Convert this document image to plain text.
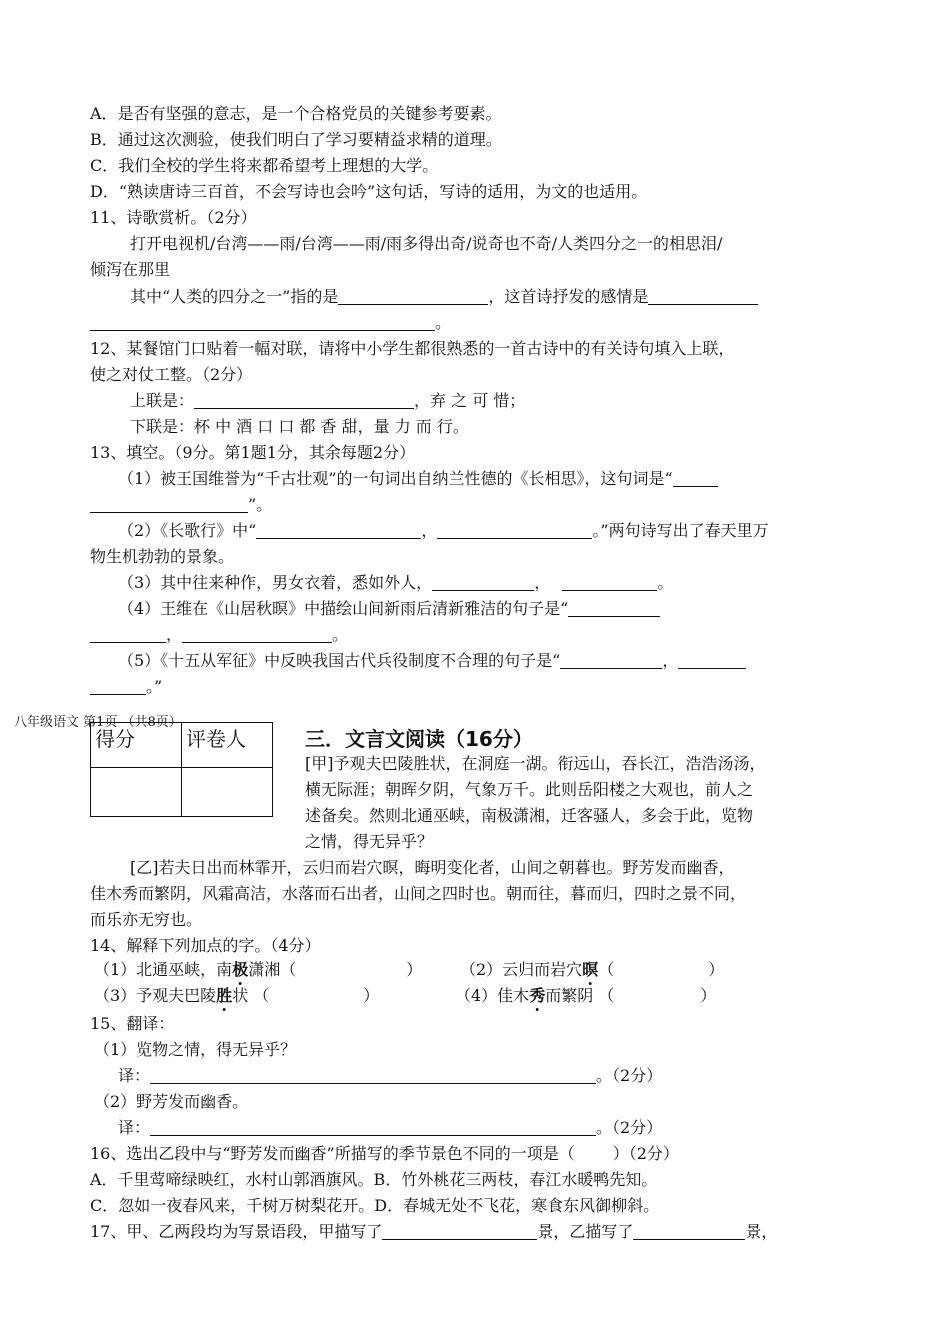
A．是否有坚强的意志，是一个合格党员的关键参考要素。
B．通过这次测验，使我们明白了学习要精益求精的道理。
C．我们全校的学生将来都希望考上理想的大学。
D．“熟读唐诗三百首，不会写诗也会吟”这句话，写诗的适用，为文的也适用。
11、诗歌赏析。（2分）
打开电视机/台湾——雨/台湾——雨/雨多得出奇/说奇也不奇/人类四分之一的相思泪/
倾泻在那里
其中“人类的四分之一”指的是	，这首诗抒发的感情是
。
12、某餐馆门口贴着一幅对联，请将中小学生都很熟悉的一首古诗中的有关诗句填入上联，
使之对仗工整。（2分）
上联是：	，弃 之 可 惜；
下联是：杯 中 酒 口 口 都 香 甜，量 力 而 行。
13、填空。（9分。第1题1分，其余每题2分）
（1）被王国维誉为“千古壮观”的一句词出自纳兰性德的《长相思》，这句词是“
”。
（2）《长歌行》中“	，	。”两句诗写出了春天里万
物生机勃勃的景象。
（3）其中往来种作，男女衣着，悉如外人，	，	。
（4）王维在《山居秋暝》中描绘山间新雨后清新雅洁的句子是“
，	。
（5）《十五从军征》中反映我国古代兵役制度不合理的句子是“	，
。”
八年级语文 第1页 （共8页）
得分	评卷人
		三．文言文阅读（16分）
[甲]予观夫巴陵胜状，在洞庭一湖。衔远山，吞长江，浩浩汤汤，
横无际涯；朝晖夕阴，气象万千。此则岳阳楼之大观也，前人之
述备矣。然则北通巫峡，南极潇湘，迁客骚人，多会于此，览物
之情，得无异乎？
[乙]若夫日出而林霏开，云归而岩穴暝，晦明变化者，山间之朝暮也。野芳发而幽香，
佳木秀而繁阴，风霜高洁，水落而石出者，山间之四时也。朝而往，暮而归，四时之景不同，
而乐亦无穷也。
14、解释下列加点的字。（4分）
（1）北通巫峡，南极潇湘（	） （2）云归而岩穴暝（	）
（3）予观夫巴陵胜状 （	）	（4）佳木秀而繁阴 （	）
15、翻译：
（1）览物之情，得无异乎？
译：	。（2分）
（2）野芳发而幽香。
译：	。（2分）
16、选出乙段中与“野芳发而幽香”所描写的季节景色不同的一项是（ ）（2分）
A．千里莺啼绿映红，水村山郭酒旗风。B．竹外桃花三两枝，春江水暖鸭先知。
C．忽如一夜春风来，千树万树梨花开。D．春城无处不飞花，寒食东风御柳斜。
17、甲、乙两段均为写景语段，甲描写了	景，乙描写了	景，
